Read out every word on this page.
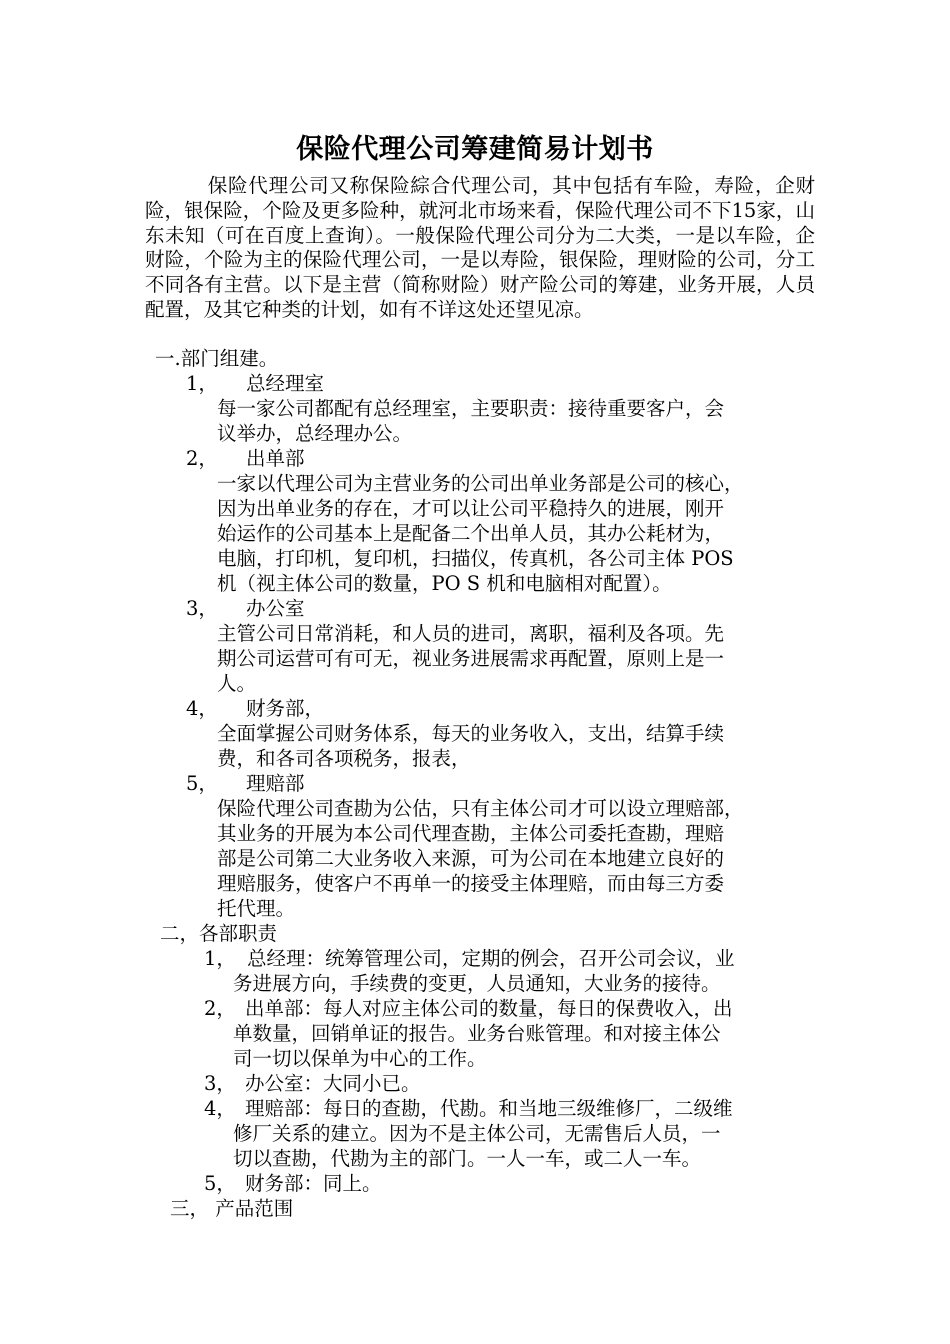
保险代理公司筹建简易计划书
保险代理公司又称保险綜合代理公司，其中包括有车险，寿险，企财险，银保险，个险及更多险种，就河北市场来看，保险代理公司不下15家，山东未知（可在百度上查询）。一般保险代理公司分为二大类，一是以车险，企财险，个险为主的保险代理公司，一是以寿险，银保险，理财险的公司，分工不同各有主营。以下是主营（简称财险）财产险公司的筹建，业务开展，人员配置，及其它种类的计划，如有不详这处还望见凉。
一.部门组建。
1， 总经理室
每一家公司都配有总经理室，主要职责：接待重要客户，会
议举办，总经理办公。
2， 出单部
一家以代理公司为主营业务的公司出单业务部是公司的核心，
因为出单业务的存在，才可以让公司平稳持久的进展，刚开
始运作的公司基本上是配备二个出单人员，其办公耗材为，
电脑，打印机，复印机，扫描仪，传真机，各公司主体 POS
机（视主体公司的数量，PO S 机和电脑相对配置）。
3， 办公室
主管公司日常消耗，和人员的进司，离职，福利及各项。先
期公司运营可有可无，视业务进展需求再配置，原则上是一
人。
4， 财务部，
全面掌握公司财务体系，每天的业务收入，支出，结算手续
费，和各司各项税务，报表，
5， 理赔部
保险代理公司查勘为公估，只有主体公司才可以设立理赔部，
其业务的开展为本公司代理查勘，主体公司委托查勘，理赔
部是公司第二大业务收入来源，可为公司在本地建立良好的
理赔服务，使客户不再单一的接受主体理赔，而由每三方委
托代理。
二，各部职责
1， 总经理：统筹管理公司，定期的例会，召开公司会议，业
务进展方向，手续费的变更，人员通知，大业务的接待。
2， 出单部：每人对应主体公司的数量，每日的保费收入，出
单数量，回销单证的报告。业务台账管理。和对接主体公
司一切以保单为中心的工作。
3， 办公室：大同小已。
4， 理赔部：每日的查勘，代勘。和当地三级维修厂，二级维
修厂关系的建立。因为不是主体公司，无需售后人员，一
切以查勘，代勘为主的部门。一人一车，或二人一车。
5， 财务部：同上。
三， 产品范围
